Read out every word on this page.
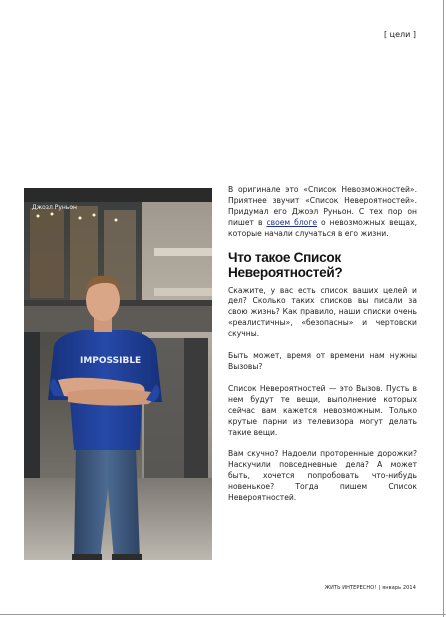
[ цели ]
IMPOSSIBLE
Джозл Руньон

В оригинале это «Список Невозможностей». Приятнее звучит «Список Невероятностей». Придумал его Джоэл Руньон. С тех пор он пишет в своем блоге о невозможных вещах, которые начали случаться в его жизни.

Что такое Список Невероятностей?

Скажите, у вас есть список ваших целей и дел? Сколько таких списков вы писали за свою жизнь? Как правило, наши списки очень «реалистичны», «безопасны» и чертовски скучны.

Быть может, время от времени нам нужны Вызовы?

Список Невероятностей — это Вызов. Пусть в нем будут те вещи, выполнение которых сейчас вам кажется невозможным. Только крутые парни из телевизора могут делать такие вещи.

Вам скучно? Надоели проторенные дорожки? Наскучили повседневные дела? А может быть, хочется попробовать что-нибудь новенькое? Тогда пишем Список Невероятностей.

ЖИТЬ ИНТЕРЕСНО! | январь 2014
